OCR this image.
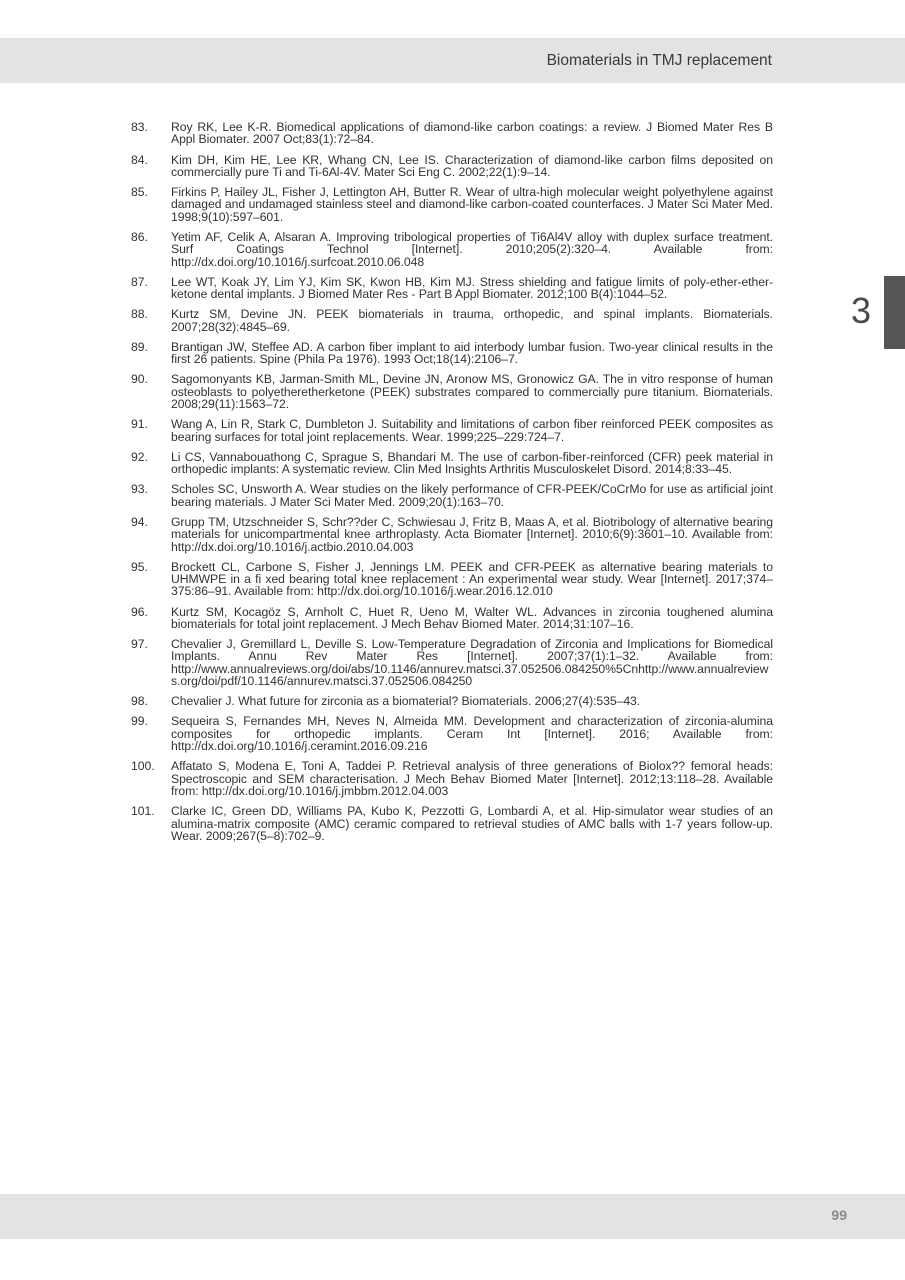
Biomaterials in TMJ replacement
3
83.	Roy RK, Lee K-R. Biomedical applications of diamond-like carbon coatings: a review. J Biomed Mater Res B Appl Biomater. 2007 Oct;83(1):72–84.
84.	Kim DH, Kim HE, Lee KR, Whang CN, Lee IS. Characterization of diamond-like carbon films deposited on commercially pure Ti and Ti-6Al-4V. Mater Sci Eng C. 2002;22(1):9–14.
85.	Firkins P, Hailey JL, Fisher J, Lettington AH, Butter R. Wear of ultra-high molecular weight polyethylene against damaged and undamaged stainless steel and diamond-like carbon-coated counterfaces. J Mater Sci Mater Med. 1998;9(10):597–601.
86.	Yetim AF, Celik A, Alsaran A. Improving tribological properties of Ti6Al4V alloy with duplex surface treatment. Surf Coatings Technol [Internet]. 2010;205(2):320–4. Available from: http://dx.doi.org/10.1016/j.surfcoat.2010.06.048
87.	Lee WT, Koak JY, Lim YJ, Kim SK, Kwon HB, Kim MJ. Stress shielding and fatigue limits of poly-ether-ether-ketone dental implants. J Biomed Mater Res - Part B Appl Biomater. 2012;100 B(4):1044–52.
88.	Kurtz SM, Devine JN. PEEK biomaterials in trauma, orthopedic, and spinal implants. Biomaterials. 2007;28(32):4845–69.
89.	Brantigan JW, Steffee AD. A carbon fiber implant to aid interbody lumbar fusion. Two-year clinical results in the first 26 patients. Spine (Phila Pa 1976). 1993 Oct;18(14):2106–7.
90.	Sagomonyants KB, Jarman-Smith ML, Devine JN, Aronow MS, Gronowicz GA. The in vitro response of human osteoblasts to polyetheretherketone (PEEK) substrates compared to commercially pure titanium. Biomaterials. 2008;29(11):1563–72.
91.	Wang A, Lin R, Stark C, Dumbleton J. Suitability and limitations of carbon fiber reinforced PEEK composites as bearing surfaces for total joint replacements. Wear. 1999;225–229:724–7.
92.	Li CS, Vannabouathong C, Sprague S, Bhandari M. The use of carbon-fiber-reinforced (CFR) peek material in orthopedic implants: A systematic review. Clin Med Insights Arthritis Musculoskelet Disord. 2014;8:33–45.
93.	Scholes SC, Unsworth A. Wear studies on the likely performance of CFR-PEEK/CoCrMo for use as artificial joint bearing materials. J Mater Sci Mater Med. 2009;20(1):163–70.
94.	Grupp TM, Utzschneider S, Schr??der C, Schwiesau J, Fritz B, Maas A, et al. Biotribology of alternative bearing materials for unicompartmental knee arthroplasty. Acta Biomater [Internet]. 2010;6(9):3601–10. Available from: http://dx.doi.org/10.1016/j.actbio.2010.04.003
95.	Brockett CL, Carbone S, Fisher J, Jennings LM. PEEK and CFR-PEEK as alternative bearing materials to UHMWPE in a fi xed bearing total knee replacement : An experimental wear study. Wear [Internet]. 2017;374–375:86–91. Available from: http://dx.doi.org/10.1016/j.wear.2016.12.010
96.	Kurtz SM, Kocagöz S, Arnholt C, Huet R, Ueno M, Walter WL. Advances in zirconia toughened alumina biomaterials for total joint replacement. J Mech Behav Biomed Mater. 2014;31:107–16.
97.	Chevalier J, Gremillard L, Deville S. Low-Temperature Degradation of Zirconia and Implications for Biomedical Implants. Annu Rev Mater Res [Internet]. 2007;37(1):1–32. Available from: http://www.annualreviews.org/doi/abs/10.1146/annurev.matsci.37.052506.084250%5Cnhttp://www.annualreviews.org/doi/pdf/10.1146/annurev.matsci.37.052506.084250
98.	Chevalier J. What future for zirconia as a biomaterial? Biomaterials. 2006;27(4):535–43.
99.	Sequeira S, Fernandes MH, Neves N, Almeida MM. Development and characterization of zirconia-alumina composites for orthopedic implants. Ceram Int [Internet]. 2016; Available from: http://dx.doi.org/10.1016/j.ceramint.2016.09.216
100.	Affatato S, Modena E, Toni A, Taddei P. Retrieval analysis of three generations of Biolox?? femoral heads: Spectroscopic and SEM characterisation. J Mech Behav Biomed Mater [Internet]. 2012;13:118–28. Available from: http://dx.doi.org/10.1016/j.jmbbm.2012.04.003
101.	Clarke IC, Green DD, Williams PA, Kubo K, Pezzotti G, Lombardi A, et al. Hip-simulator wear studies of an alumina-matrix composite (AMC) ceramic compared to retrieval studies of AMC balls with 1-7 years follow-up. Wear. 2009;267(5–8):702–9.
99
